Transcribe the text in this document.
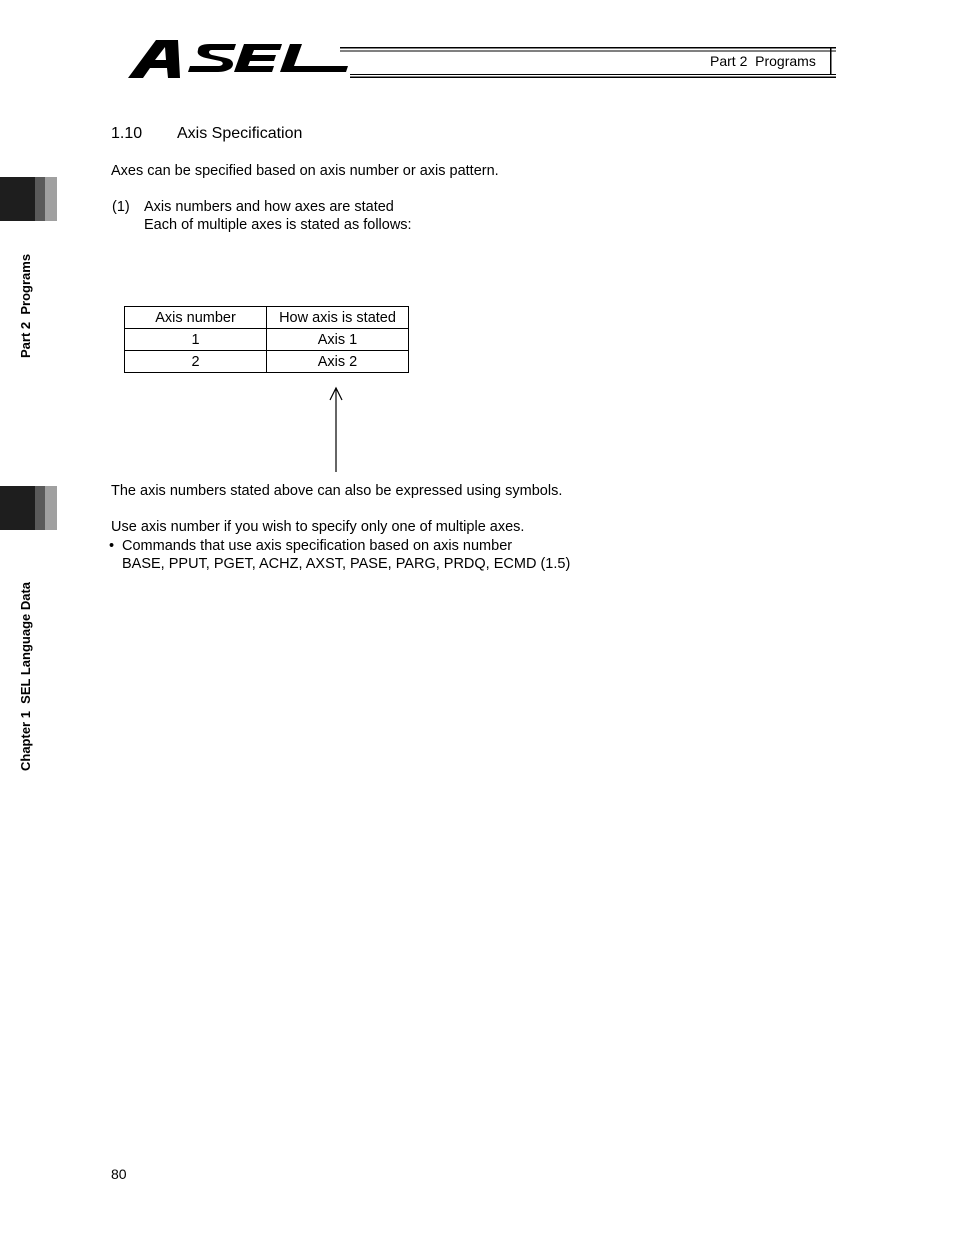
Part 2  Programs
Part 2  Programs
Chapter 1  SEL Language Data
1.10 Axis Specification
Axes can be specified based on axis number or axis pattern.
(1) Axis numbers and how axes are stated
Each of multiple axes is stated as follows:
Axis number	How axis is stated
1	Axis 1
2	Axis 2
The axis numbers stated above can also be expressed using symbols.
Use axis number if you wish to specify only one of multiple axes.
• Commands that use axis specification based on axis number
BASE, PPUT, PGET, ACHZ, AXST, PASE, PARG, PRDQ, ECMD (1.5)
80
